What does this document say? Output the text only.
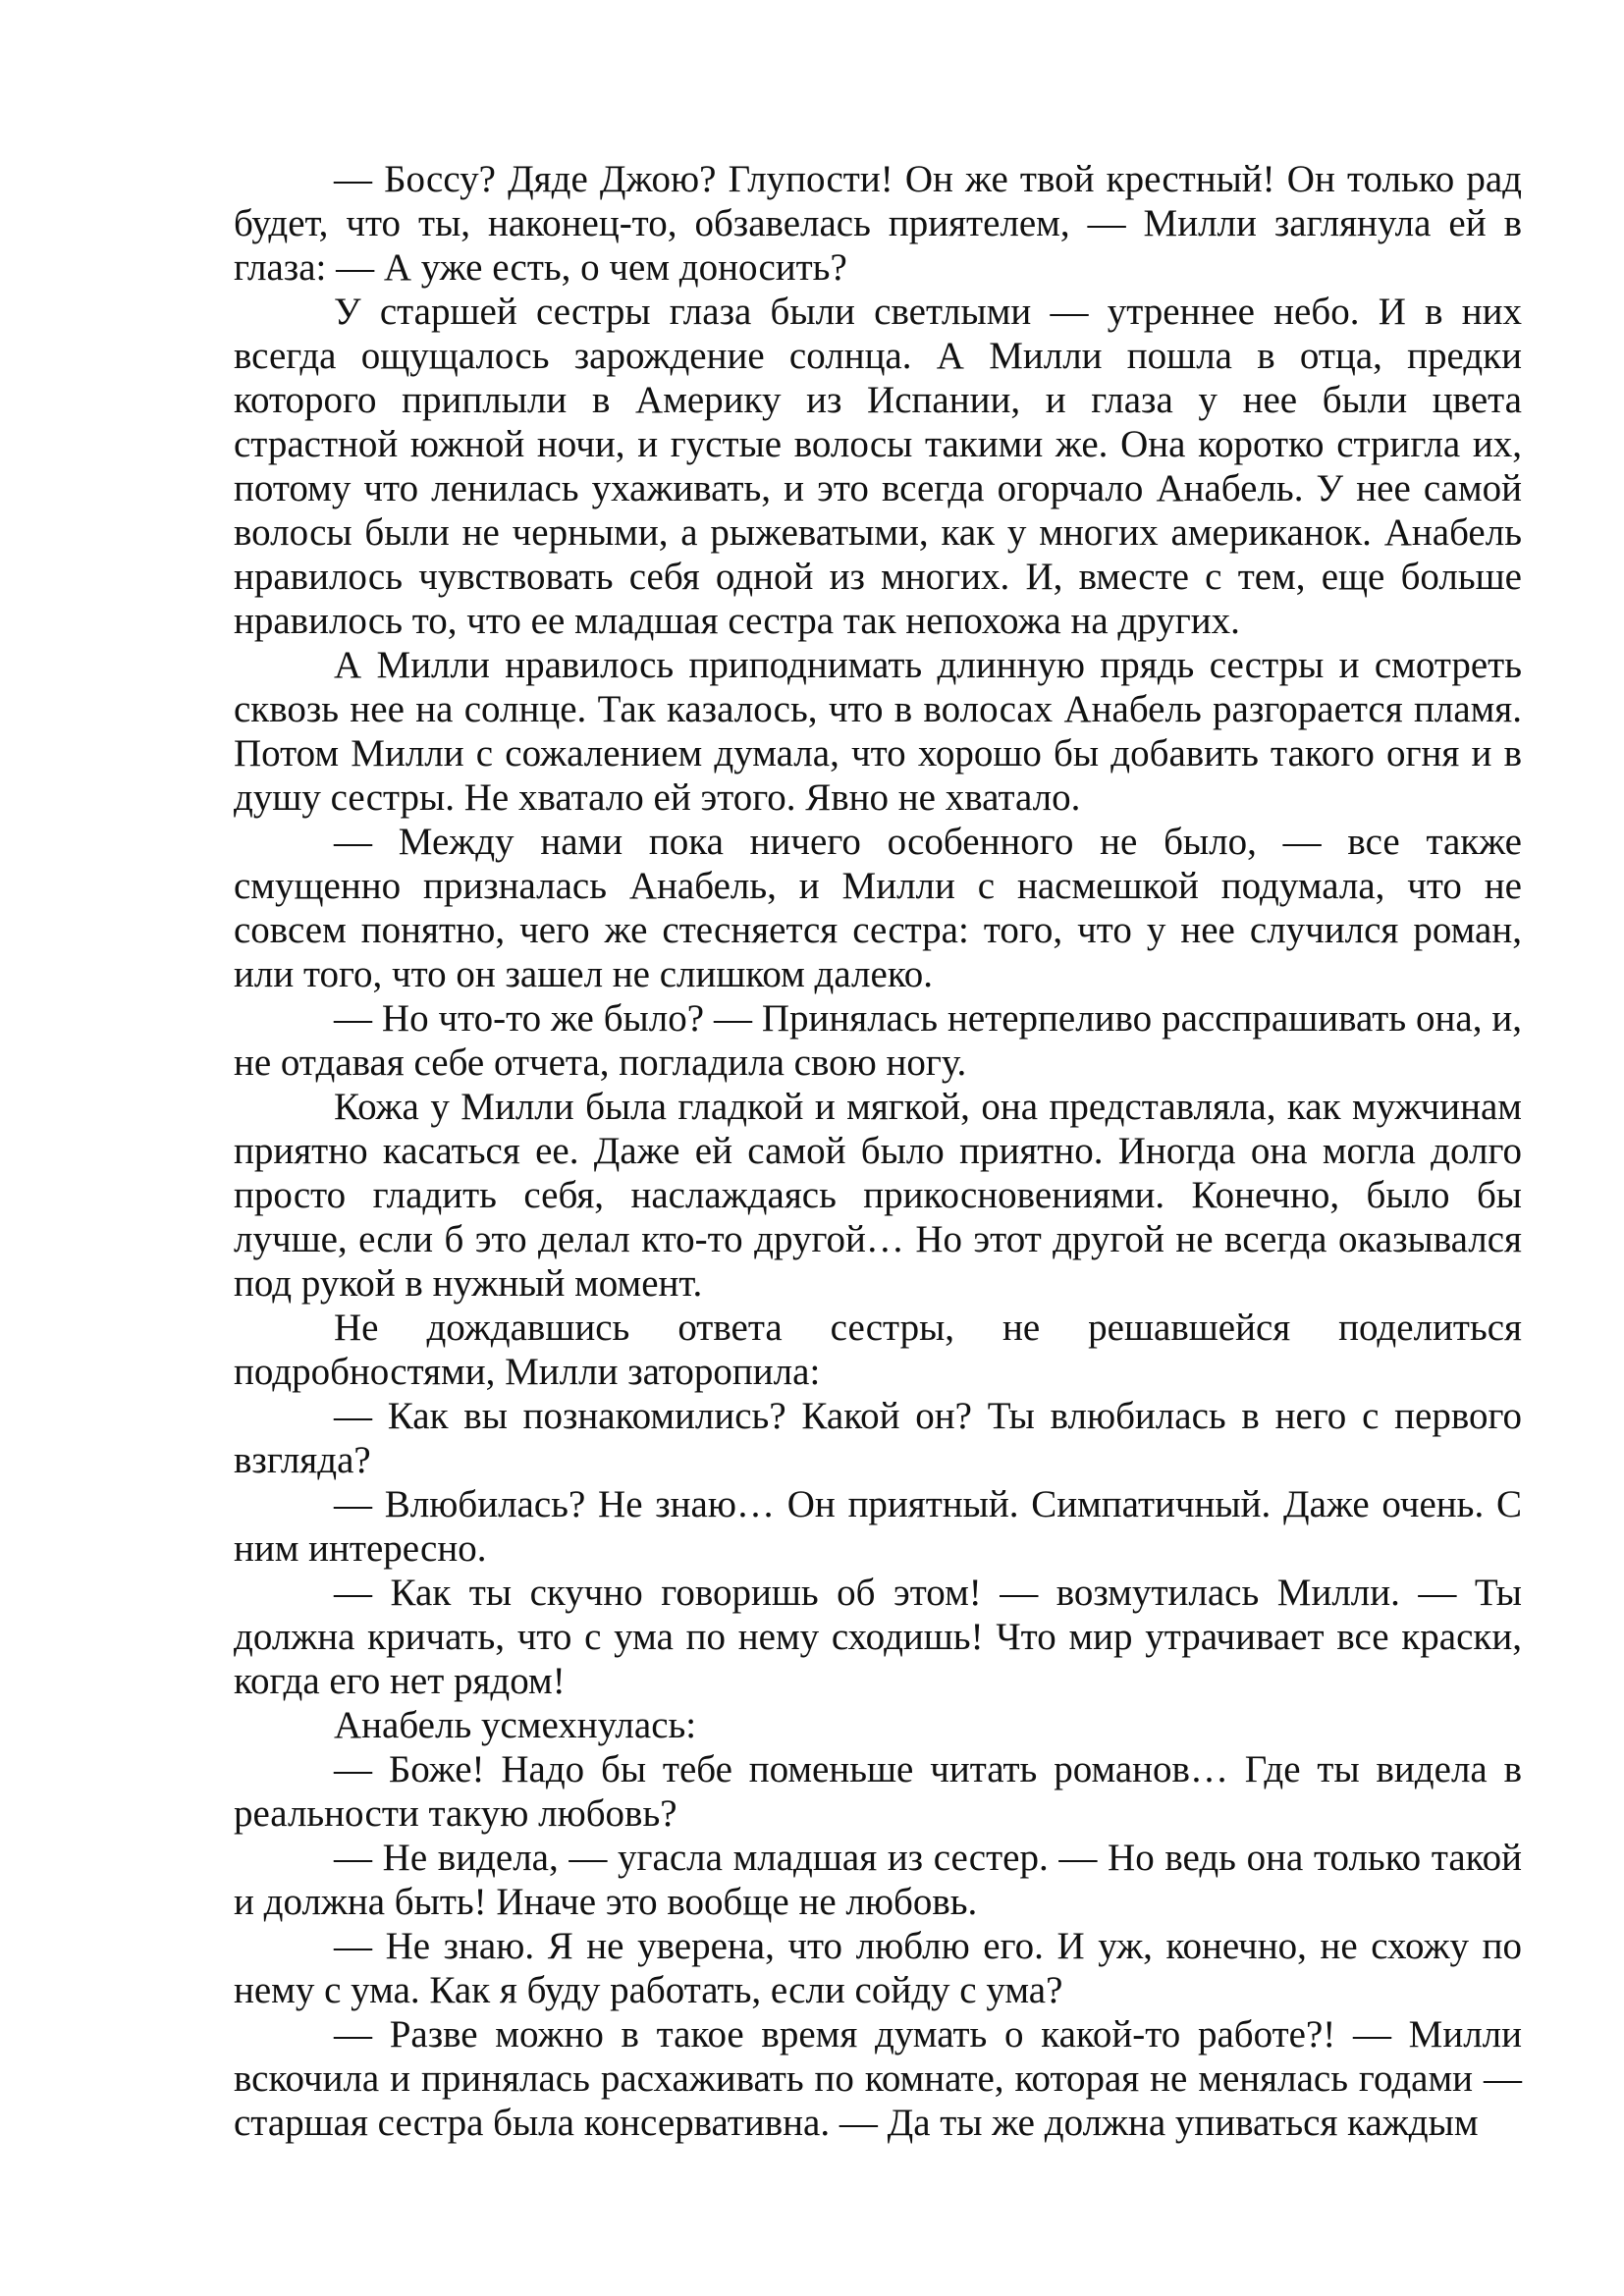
— Боссу? Дяде Джою? Глупости! Он же твой крестный! Он только рад будет, что ты, наконец-то, обзавелась приятелем, — Милли заглянула ей в глаза: — А уже есть, о чем доносить?

У старшей сестры глаза были светлыми — утреннее небо. И в них всегда ощущалось зарождение солнца. А Милли пошла в отца, предки которого приплыли в Америку из Испании, и глаза у нее были цвета страстной южной ночи, и густые волосы такими же. Она коротко стригла их, потому что ленилась ухаживать, и это всегда огорчало Анабель. У нее самой волосы были не черными, а рыжеватыми, как у многих американок. Анабель нравилось чувствовать себя одной из многих. И, вместе с тем, еще больше нравилось то, что ее младшая сестра так непохожа на других.

А Милли нравилось приподнимать длинную прядь сестры и смотреть сквозь нее на солнце. Так казалось, что в волосах Анабель разгорается пламя. Потом Милли с сожалением думала, что хорошо бы добавить такого огня и в душу сестры. Не хватало ей этого. Явно не хватало.

— Между нами пока ничего особенного не было, — все также смущенно призналась Анабель, и Милли с насмешкой подумала, что не совсем понятно, чего же стесняется сестра: того, что у нее случился роман, или того, что он зашел не слишком далеко.

— Но что-то же было? — Принялась нетерпеливо расспрашивать она, и, не отдавая себе отчета, погладила свою ногу.

Кожа у Милли была гладкой и мягкой, она представляла, как мужчинам приятно касаться ее. Даже ей самой было приятно. Иногда она могла долго просто гладить себя, наслаждаясь прикосновениями. Конечно, было бы лучше, если б это делал кто-то другой… Но этот другой не всегда оказывался под рукой в нужный момент.

Не дождавшись ответа сестры, не решавшейся поделиться подробностями, Милли заторопила:

— Как вы познакомились? Какой он? Ты влюбилась в него с первого взгляда?

— Влюбилась? Не знаю… Он приятный. Симпатичный. Даже очень. С ним интересно.

— Как ты скучно говоришь об этом! — возмутилась Милли. — Ты должна кричать, что с ума по нему сходишь! Что мир утрачивает все краски, когда его нет рядом!

Анабель усмехнулась:

— Боже! Надо бы тебе поменьше читать романов… Где ты видела в реальности такую любовь?

— Не видела, — угасла младшая из сестер. — Но ведь она только такой и должна быть! Иначе это вообще не любовь.

— Не знаю. Я не уверена, что люблю его. И уж, конечно, не схожу по нему с ума. Как я буду работать, если сойду с ума?

— Разве можно в такое время думать о какой-то работе?! — Милли вскочила и принялась расхаживать по комнате, которая не менялась годами — старшая сестра была консервативна. — Да ты же должна упиваться каждым
